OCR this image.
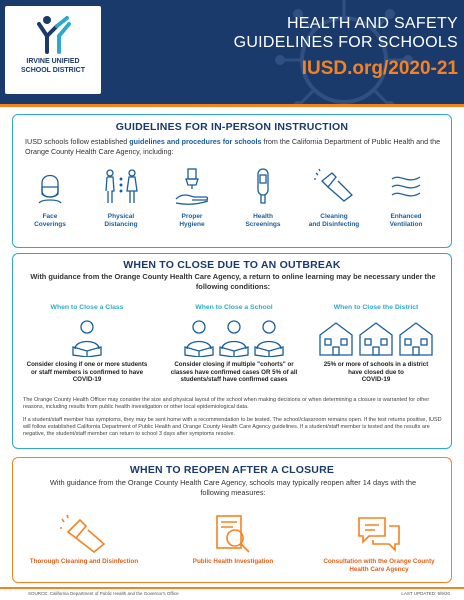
IRVINE UNIFIED
SCHOOL DISTRICT
HEALTH AND SAFETY
GUIDELINES FOR SCHOOLS
IUSD.org/2020-21
GUIDELINES FOR IN-PERSON INSTRUCTION
IUSD schools follow established guidelines and procedures for schools from the California Department of Public Health and the Orange County Health Care Agency, including:
Face
Coverings
Physical
Distancing
Proper
Hygiene
Health
Screenings
Cleaning
and Disinfecting
Enhanced
Ventilation
WHEN TO CLOSE DUE TO AN OUTBREAK
With guidance from the Orange County Health Care Agency, a return to online learning may be necessary under the following conditions:
When to Close a Class
Consider closing if one or more students
or staff members is confirmed to have
COVID-19
When to Close a School
Consider closing if multiple "cohorts" or
classes have confirmed cases OR 5% of all
students/staff have confirmed cases
When to Close the District
25% or more of schools in a district
have closed due to
COVID-19
The Orange County Health Officer may consider the size and physical layout of the school when making decisions or when determining a closure is warranted for other reasons, including results from public health investigation or other local epidemiological data.
If a student/staff member has symptoms, they may be sent home with a recommendation to be tested. The school/classroom remains open. If the test returns positive, IUSD will follow established California Department of Public Health and Orange County Health Care Agency guidelines. If a student/staff member is tested and the results are negative, the student/staff member can return to school 3 days after symptoms resolve.
WHEN TO REOPEN AFTER A CLOSURE
With guidance from the Orange County Health Care Agency, schools may typically reopen after 14 days with the
following measures:
Thorough Cleaning and Disinfection	Public Health Investigation	Consultation with the Orange County
Health Care Agency
SOURCE: California Department of Public Health and the Governor's Office	LAST UPDATED: 9/9/20
